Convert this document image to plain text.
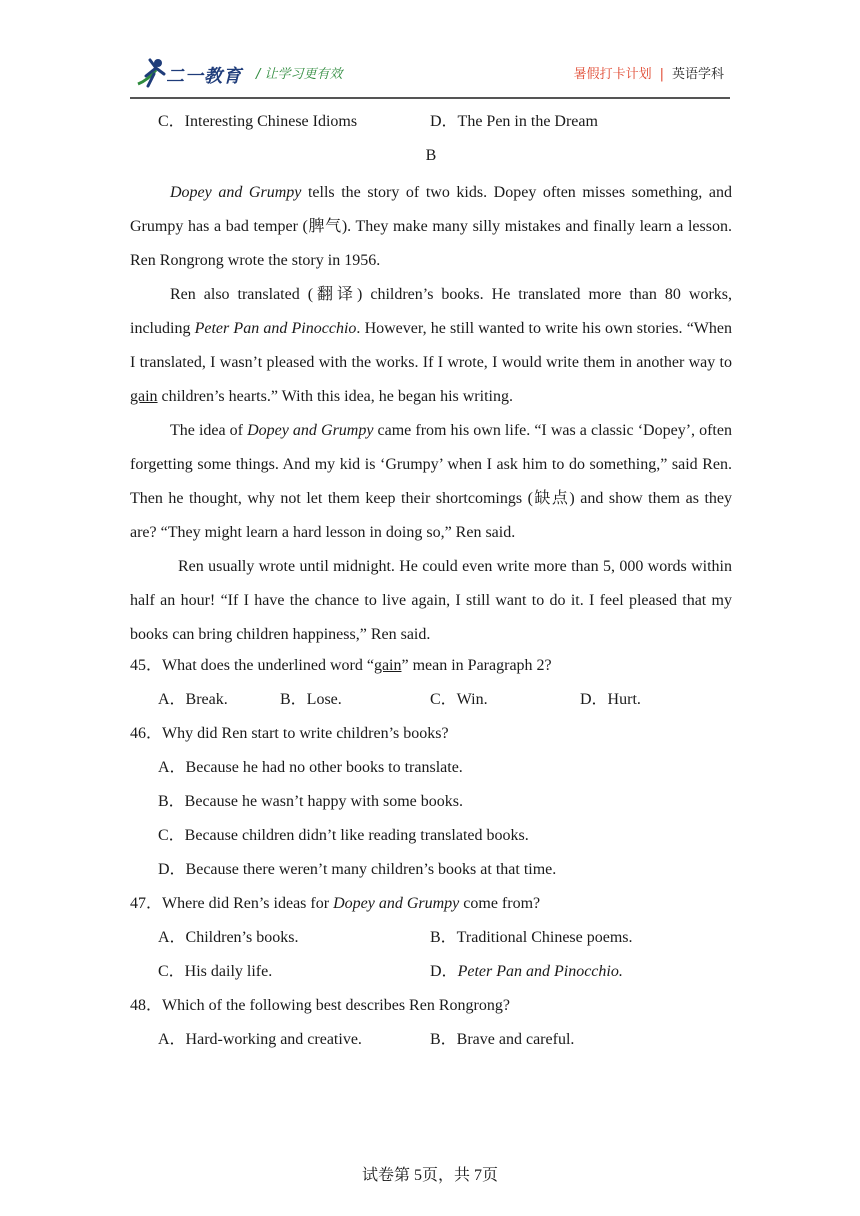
二一教育 / 让学习更有效	暑假打卡计划 | 英语学科
C．Interesting Chinese Idioms	D．The Pen in the Dream
B
Dopey and Grumpy tells the story of two kids. Dopey often misses something, and Grumpy has a bad temper (脾气). They make many silly mistakes and finally learn a lesson. Ren Rongrong wrote the story in 1956.
Ren also translated (翻译) children’s books. He translated more than 80 works, including Peter Pan and Pinocchio. However, he still wanted to write his own stories. “When I translated, I wasn’t pleased with the works. If I wrote, I would write them in another way to gain children’s hearts.” With this idea, he began his writing.
The idea of Dopey and Grumpy came from his own life. “I was a classic ‘Dopey’, often forgetting some things. And my kid is ‘Grumpy’ when I ask him to do something,” said Ren. Then he thought, why not let them keep their shortcomings (缺点) and show them as they are? “They might learn a hard lesson in doing so,” Ren said.
Ren usually wrote until midnight. He could even write more than 5, 000 words within half an hour! “If I have the chance to live again, I still want to do it. I feel pleased that my books can bring children happiness,” Ren said.
45．What does the underlined word “gain” mean in Paragraph 2?
A．Break.	B．Lose.	C．Win.	D．Hurt.
46．Why did Ren start to write children’s books?
A．Because he had no other books to translate.
B．Because he wasn’t happy with some books.
C．Because children didn’t like reading translated books.
D．Because there weren’t many children’s books at that time.
47．Where did Ren’s ideas for Dopey and Grumpy come from?
A．Children’s books.	B．Traditional Chinese poems.
C．His daily life.	D．Peter Pan and Pinocchio.
48．Which of the following best describes Ren Rongrong?
A．Hard-working and creative.	B．Brave and careful.
试卷第 5页，共 7页
